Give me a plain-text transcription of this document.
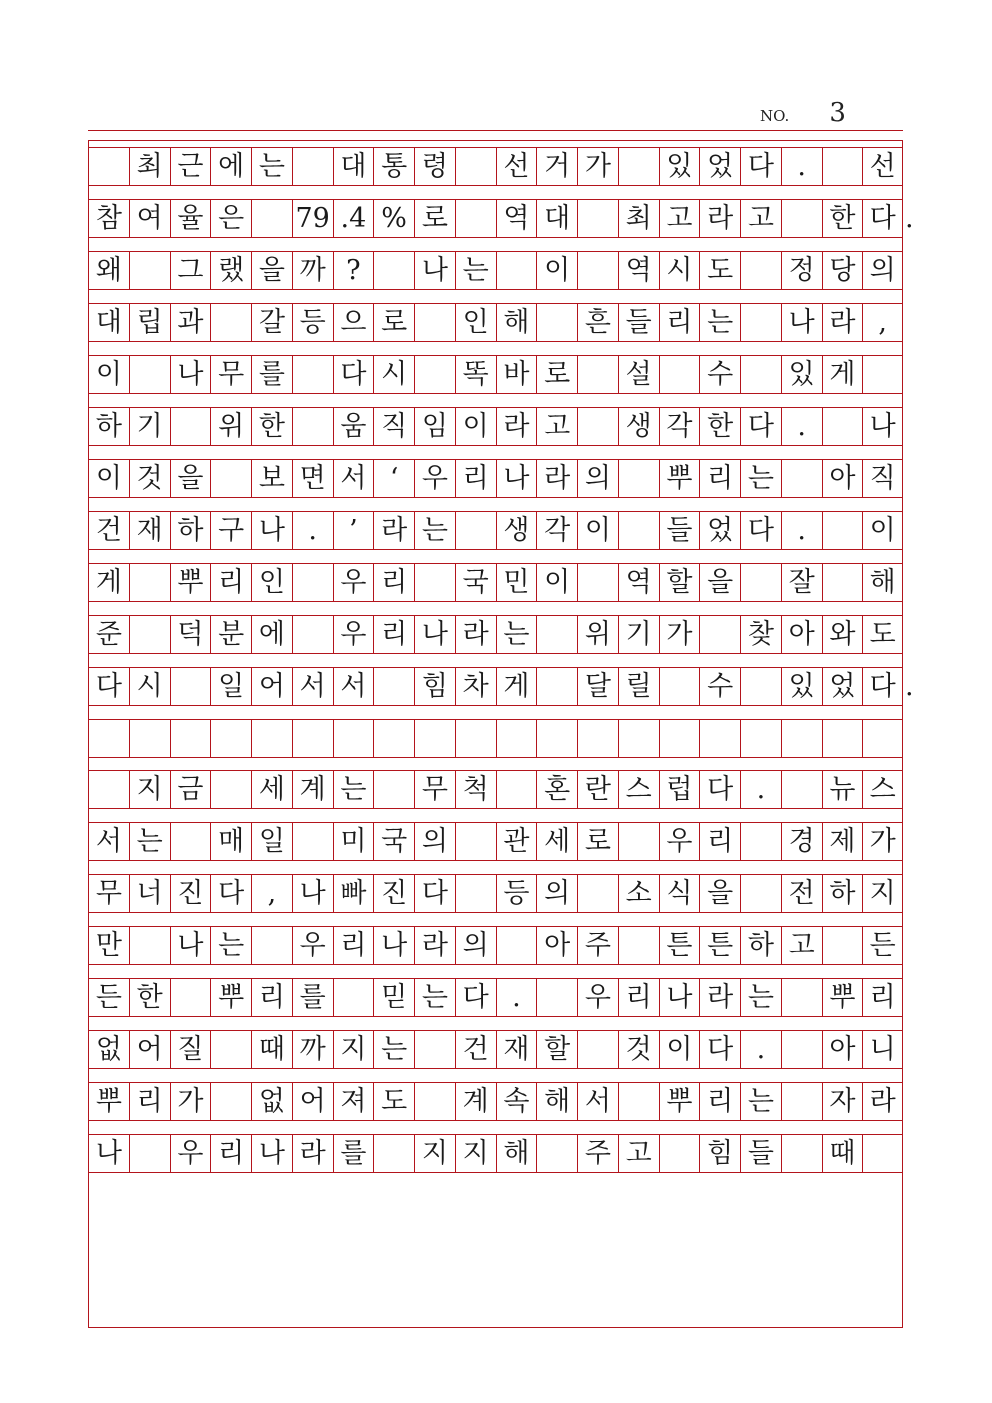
NO. 3
최 근 에 는 대 통 령 선 거 가 있 었 다 .	선
참 여 율 은 79 .4 % 로 역 대 최 고 라 고 한 다 .
왜 그 랬 을 까 ?	나 는 이 역 시 도 정 당 의
대 립 과 갈 등 으 로 인 해 흔 들 리 는 나 라 ,
이 나 무 를 다 시 똑 바 로 설 수 있 게
하 기 위 한 움 직 임 이 라 고 생 각 한 다 .	나
이 것 을 보 면 서 ‘ 우 리 나 라 의 뿌 리 는 아 직
건 재 하 구 나 .	’ 라 는 생 각 이 들 었 다 .	이
게 뿌 리 인 우 리 국 민 이 역 할 을 잘 해
준 덕 분 에 우 리 나 라 는 위 기 가 찾 아 와 도
다 시 일 어 서 서 힘 차 게 달 릴 수 있 었 다 .
지 금 세 계 는 무 척 혼 란 스 럽 다 .	뉴 스
서 는 매 일 미 국 의 관 세 로 우 리 경 제 가
무 너 진 다 , 나 빠 진 다 등 의 소 식 을 전 하 지
만 나 는 우 리 나 라 의 아 주 튼 튼 하 고 든
든 한 뿌 리 를 믿 는 다 .	우 리 나 라 는 뿌 리
없 어 질 때 까 지 는 건 재 할 것 이 다 .	아 니
뿌 리 가 없 어 져 도 계 속 해 서 뿌 리 는 자 라
나 우 리 나 라 를 지 지 해 주 고 힘 들 때
